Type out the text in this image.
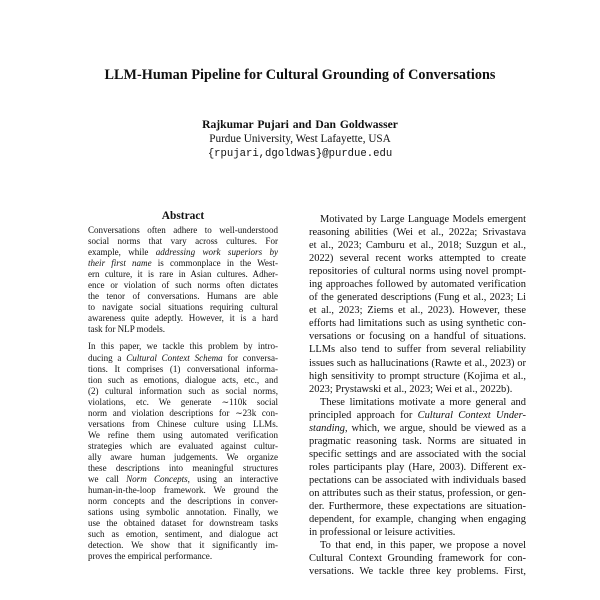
LLM-Human Pipeline for Cultural Grounding of Conversations
Rajkumar Pujari and Dan Goldwasser
Purdue University, West Lafayette, USA
{rpujari,dgoldwas}@purdue.edu
Abstract

Conversations often adhere to well-understood
social norms that vary across cultures. For
example, while addressing work superiors by
their first name is commonplace in the West-
ern culture, it is rare in Asian cultures. Adher-
ence or violation of such norms often dictates
the tenor of conversations. Humans are able
to navigate social situations requiring cultural
awareness quite adeptly. However, it is a hard
task for NLP models.

In this paper, we tackle this problem by intro-
ducing a Cultural Context Schema for conversa-
tions. It comprises (1) conversational informa-
tion such as emotions, dialogue acts, etc., and
(2) cultural information such as social norms,
violations, etc. We generate ∼110k social
norm and violation descriptions for ∼23k con-
versations from Chinese culture using LLMs.
We refine them using automated verification
strategies which are evaluated against cultur-
ally aware human judgements. We organize
these descriptions into meaningful structures
we call Norm Concepts, using an interactive
human-in-the-loop framework. We ground the
norm concepts and the descriptions in conver-
sations using symbolic annotation. Finally, we
use the obtained dataset for downstream tasks
such as emotion, sentiment, and dialogue act
detection. We show that it significantly im-
proves the empirical performance.

Motivated by Large Language Models emergent
reasoning abilities (Wei et al., 2022a; Srivastava
et al., 2023; Camburu et al., 2018; Suzgun et al.,
2022) several recent works attempted to create
repositories of cultural norms using novel prompt-
ing approaches followed by automated verification
of the generated descriptions (Fung et al., 2023; Li
et al., 2023; Ziems et al., 2023). However, these
efforts had limitations such as using synthetic con-
versations or focusing on a handful of situations.
LLMs also tend to suffer from several reliability
issues such as hallucinations (Rawte et al., 2023) or
high sensitivity to prompt structure (Kojima et al.,
2023; Prystawski et al., 2023; Wei et al., 2022b).

These limitations motivate a more general and
principled approach for Cultural Context Under-
standing, which, we argue, should be viewed as a
pragmatic reasoning task. Norms are situated in
specific settings and are associated with the social
roles participants play (Hare, 2003). Different ex-
pectations can be associated with individuals based
on attributes such as their status, profession, or gen-
der. Furthermore, these expectations are situation-
dependent, for example, changing when engaging
in professional or leisure activities.

To that end, in this paper, we propose a novel
Cultural Context Grounding framework for con-
versations. We tackle three key problems. First,
